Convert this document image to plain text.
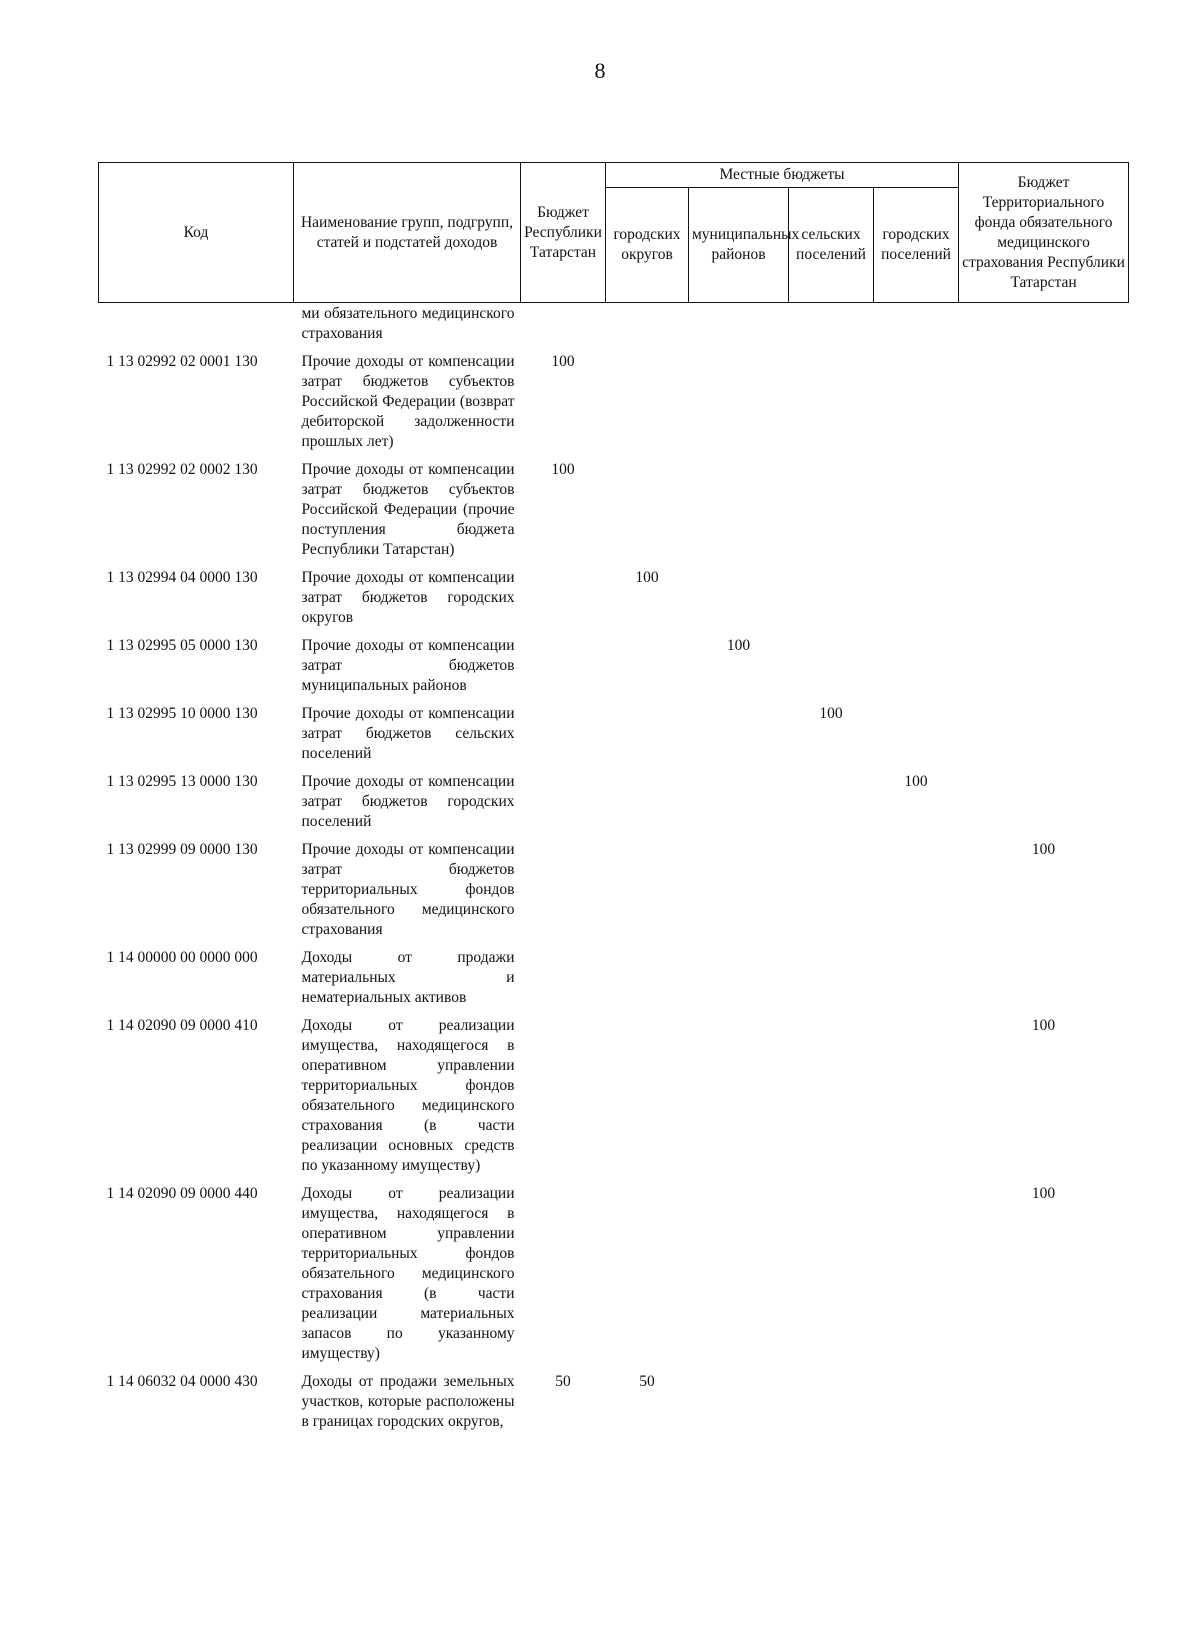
8
Код	Наименование групп, подгрупп, статей и подстатей доходов	Бюджет Республики Татарстан	Местные бюджеты				Бюджет Территориального фонда обязательного медицинского страхования Республики Татарстан
			городских округов	муниципальных районов	сельских поселений	городских поселений	
	ми обязательного медицинского страхования						
1 13 02992 02 0001 130	Прочие доходы от компенсации затрат бюджетов субъектов Российской Федерации (возврат дебиторской задолженности прошлых лет)	100					
1 13 02992 02 0002 130	Прочие доходы от компенсации затрат бюджетов субъектов Российской Федерации (прочие поступления бюджета Республики Татарстан)	100					
1 13 02994 04 0000 130	Прочие доходы от компенсации затрат бюджетов городских округов		100				
1 13 02995 05 0000 130	Прочие доходы от компенсации затрат бюджетов муниципальных районов			100			
1 13 02995 10 0000 130	Прочие доходы от компенсации затрат бюджетов сельских поселений				100		
1 13 02995 13 0000 130	Прочие доходы от компенсации затрат бюджетов городских поселений					100	
1 13 02999 09 0000 130	Прочие доходы от компенсации затрат бюджетов территориальных фондов обязательного медицинского страхования						100
1 14 00000 00 0000 000	Доходы от продажи материальных и нематериальных активов						
1 14 02090 09 0000 410	Доходы от реализации имущества, находящегося в оперативном управлении территориальных фондов обязательного медицинского страхования (в части реализации основных средств по указанному имуществу)						100
1 14 02090 09 0000 440	Доходы от реализации имущества, находящегося в оперативном управлении территориальных фондов обязательного медицинского страхования (в части реализации материальных запасов по указанному имуществу)						100
1 14 06032 04 0000 430	Доходы от продажи земельных участков, которые расположены в границах городских округов,	50	50				
